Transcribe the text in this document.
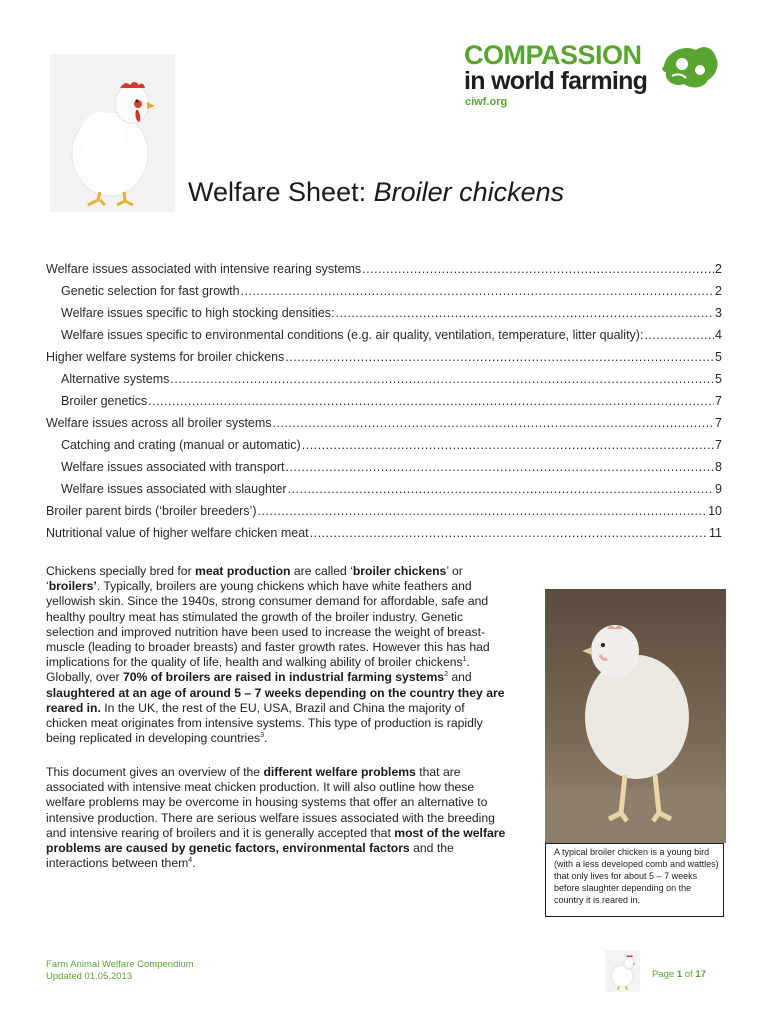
COMPASSION
in world farming
ciwf.org
Welfare Sheet: Broiler chickens
Welfare issues associated with intensive rearing systems .....	2
Genetic selection for fast growth .....	2
Welfare issues specific to high stocking densities: .....	3
Welfare issues specific to environmental conditions (e.g. air quality, ventilation, temperature, litter quality): .....	4
Higher welfare systems for broiler chickens .....	5
Alternative systems .....	5
Broiler genetics .....	7
Welfare issues across all broiler systems .....	7
Catching and crating (manual or automatic) .....	7
Welfare issues associated with transport .....	8
Welfare issues associated with slaughter .....	9
Broiler parent birds (‘broiler breeders’) .....	10
Nutritional value of higher welfare chicken meat .....	11
Chickens specially bred for meat production are called ‘broiler chickens’ or ‘broilers’. Typically, broilers are young chickens which have white feathers and yellowish skin. Since the 1940s, strong consumer demand for affordable, safe and healthy poultry meat has stimulated the growth of the broiler industry. Genetic selection and improved nutrition have been used to increase the weight of breast-muscle (leading to broader breasts) and faster growth rates. However this has had implications for the quality of life, health and walking ability of broiler chickens$^1$. Globally, over 70% of broilers are raised in industrial farming systems$^2$ and slaughtered at an age of around 5 – 7 weeks depending on the country they are reared in. In the UK, the rest of the EU, USA, Brazil and China the majority of chicken meat originates from intensive systems. This type of production is rapidly being replicated in developing countries$^3$.
This document gives an overview of the different welfare problems that are associated with intensive meat chicken production. It will also outline how these welfare problems may be overcome in housing systems that offer an alternative to intensive production. There are serious welfare issues associated with the breeding and intensive rearing of broilers and it is generally accepted that most of the welfare problems are caused by genetic factors, environmental factors and the interactions between them$^4$.
A typical broiler chicken is a young bird (with a less developed comb and wattles) that only lives for about 5 – 7 weeks before slaughter depending on the country it is reared in.
Farm Animal Welfare Compendium
Updated 01.05.2013	Page 1 of 17
